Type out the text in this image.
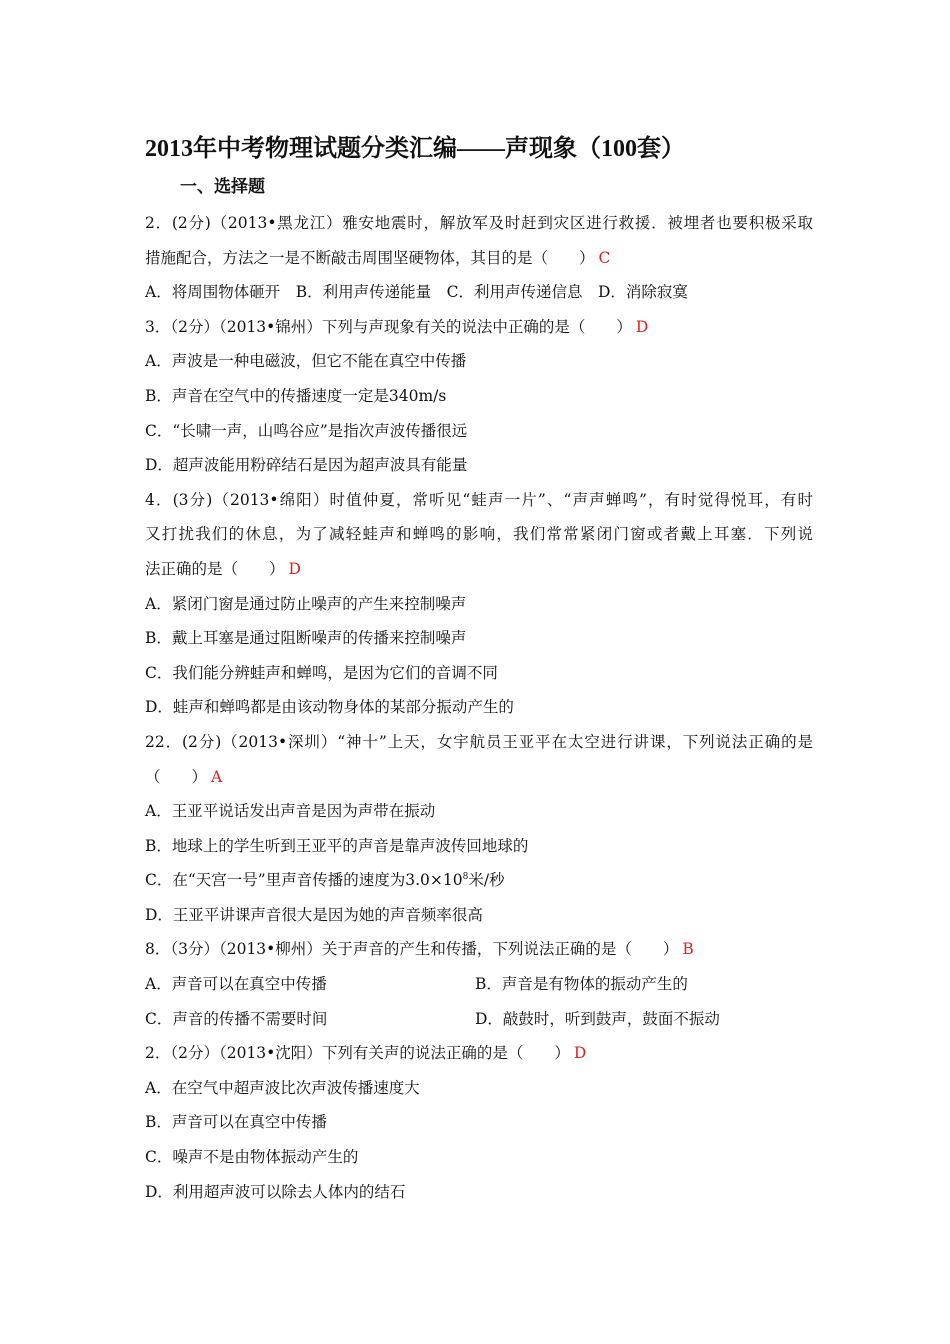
2013年中考物理试题分类汇编——声现象（100套）
一、选择题
2．(2分)（2013•黑龙江）雅安地震时，解放军及时赶到灾区进行救援．被埋者也要积极采取
措施配合，方法之一是不断敲击周围坚硬物体，其目的是（　　） C
A．将周围物体砸开　B．利用声传递能量　C．利用声传递信息　D．消除寂寞
3．（2分）（2013•锦州）下列与声现象有关的说法中正确的是（　　） D
A．声波是一种电磁波，但它不能在真空中传播
B．声音在空气中的传播速度一定是340m/s
C．“长啸一声，山鸣谷应”是指次声波传播很远
D．超声波能用粉碎结石是因为超声波具有能量
4．(3分)（2013•绵阳）时值仲夏，常听见“蛙声一片”、“声声蝉鸣”，有时觉得悦耳，有时
又打扰我们的休息，为了减轻蛙声和蝉鸣的影响，我们常常紧闭门窗或者戴上耳塞．下列说
法正确的是（　　） D
A．紧闭门窗是通过防止噪声的产生来控制噪声
B．戴上耳塞是通过阻断噪声的传播来控制噪声
C．我们能分辨蛙声和蝉鸣，是因为它们的音调不同
D．蛙声和蝉鸣都是由该动物身体的某部分振动产生的
22．(2分)（2013•深圳）“神十”上天，女宇航员王亚平在太空进行讲课，下列说法正确的是
（　　） A
A．王亚平说话发出声音是因为声带在振动
B．地球上的学生听到王亚平的声音是靠声波传回地球的
C．在“天宫一号”里声音传播的速度为$3.0\times 10^8$米/秒
D．王亚平讲课声音很大是因为她的声音频率很高
8．（3分）（2013•柳州）关于声音的产生和传播，下列说法正确的是（　　） B
A．声音可以在真空中传播	B．声音是有物体的振动产生的
C．声音的传播不需要时间	D．敲鼓时，听到鼓声，鼓面不振动
2．（2分）（2013•沈阳）下列有关声的说法正确的是（　　） D
A．在空气中超声波比次声波传播速度大
B．声音可以在真空中传播
C．噪声不是由物体振动产生的
D．利用超声波可以除去人体内的结石
